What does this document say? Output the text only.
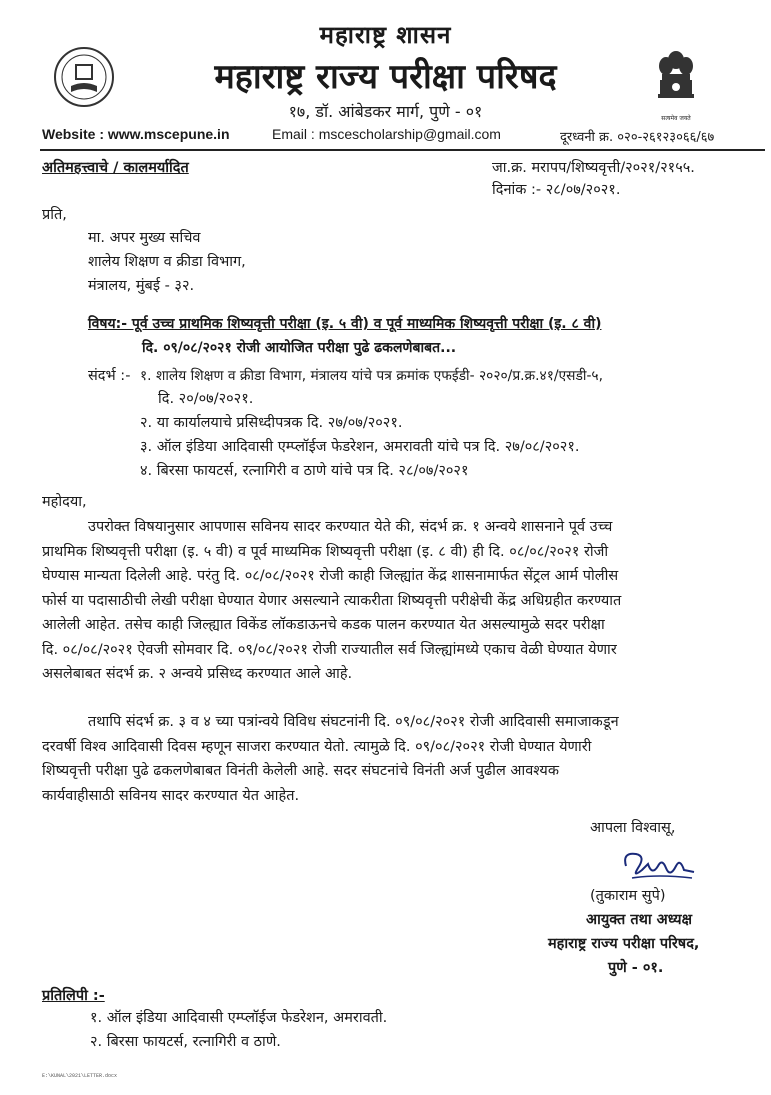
महाराष्ट्र शासन
महाराष्ट्र राज्य परीक्षा परिषद
सत्यमेव जयते
१७, डॉ. आंबेडकर मार्ग, पुणे - ०१
Website : www.mscepune.in	Email : mscescholarship@gmail.com	दूरध्वनी क्र. ०२०-२६१२३०६६/६७
अतिमहत्त्वाचे / कालमर्यादित	जा.क्र. मरापप/शिष्यवृत्ती/२०२१/२१५५.
दिनांक :- २८/०७/२०२१.
प्रति,
मा. अपर मुख्य सचिव
शालेय शिक्षण व क्रीडा विभाग,
मंत्रालय, मुंबई - ३२.
विषय:- पूर्व उच्च प्राथमिक शिष्यवृत्ती परीक्षा (इ. ५ वी) व पूर्व माध्यमिक शिष्यवृत्ती परीक्षा (इ. ८ वी)
दि. ०९/०८/२०२१ रोजी आयोजित परीक्षा पुढे ढकलणेबाबत...
संदर्भ :- १. शालेय शिक्षण व क्रीडा विभाग, मंत्रालय यांचे पत्र क्रमांक एफईडी- २०२०/प्र.क्र.४१/एसडी-५,
दि. २०/०७/२०२१.
२. या कार्यालयाचे प्रसिध्दीपत्रक दि. २७/०७/२०२१.
३. ऑल इंडिया आदिवासी एम्प्लॉईज फेडरेशन, अमरावती यांचे पत्र दि. २७/०८/२०२१.
४. बिरसा फायटर्स, रत्नागिरी व ठाणे यांचे पत्र दि. २८/०७/२०२१
महोदया,
उपरोक्त विषयानुसार आपणास सविनय सादर करण्यात येते की, संदर्भ क्र. १ अन्वये शासनाने पूर्व उच्च
प्राथमिक शिष्यवृत्ती परीक्षा (इ. ५ वी) व पूर्व माध्यमिक शिष्यवृत्ती परीक्षा (इ. ८ वी) ही दि. ०८/०८/२०२१ रोजी
घेण्यास मान्यता दिलेली आहे. परंतु दि. ०८/०८/२०२१ रोजी काही जिल्ह्यांत केंद्र शासनामार्फत सेंट्रल आर्म पोलीस
फोर्स या पदासाठीची लेखी परीक्षा घेण्यात येणार असल्याने त्याकरीता शिष्यवृत्ती परीक्षेची केंद्र अधिग्रहीत करण्यात
आलेली आहेत. तसेच काही जिल्ह्यात विकेंड लॉकडाऊनचे कडक पालन करण्यात येत असल्यामुळे सदर परीक्षा
दि. ०८/०८/२०२१ ऐवजी सोमवार दि. ०९/०८/२०२१ रोजी राज्यातील सर्व जिल्ह्यांमध्ये एकाच वेळी घेण्यात येणार
असलेबाबत संदर्भ क्र. २ अन्वये प्रसिध्द करण्यात आले आहे.
तथापि संदर्भ क्र. ३ व ४ च्या पत्रांन्वये विविध संघटनांनी दि. ०९/०८/२०२१ रोजी आदिवासी समाजाकडून
दरवर्षी विश्व आदिवासी दिवस म्हणून साजरा करण्यात येतो. त्यामुळे दि. ०९/०८/२०२१ रोजी घेण्यात येणारी
शिष्यवृत्ती परीक्षा पुढे ढकलणेबाबत विनंती केलेली आहे. सदर संघटनांचे विनंती अर्ज पुढील आवश्यक
कार्यवाहीसाठी सविनय सादर करण्यात येत आहेत.
आपला विश्वासू,
(तुकाराम सुपे)
आयुक्त तथा अध्यक्ष
महाराष्ट्र राज्य परीक्षा परिषद,
पुणे - ०१.
प्रतिलिपी :-
१. ऑल इंडिया आदिवासी एम्प्लॉईज फेडरेशन, अमरावती.
२. बिरसा फायटर्स, रत्नागिरी व ठाणे.
E:\KUNAL\2021\LETTER.docx
